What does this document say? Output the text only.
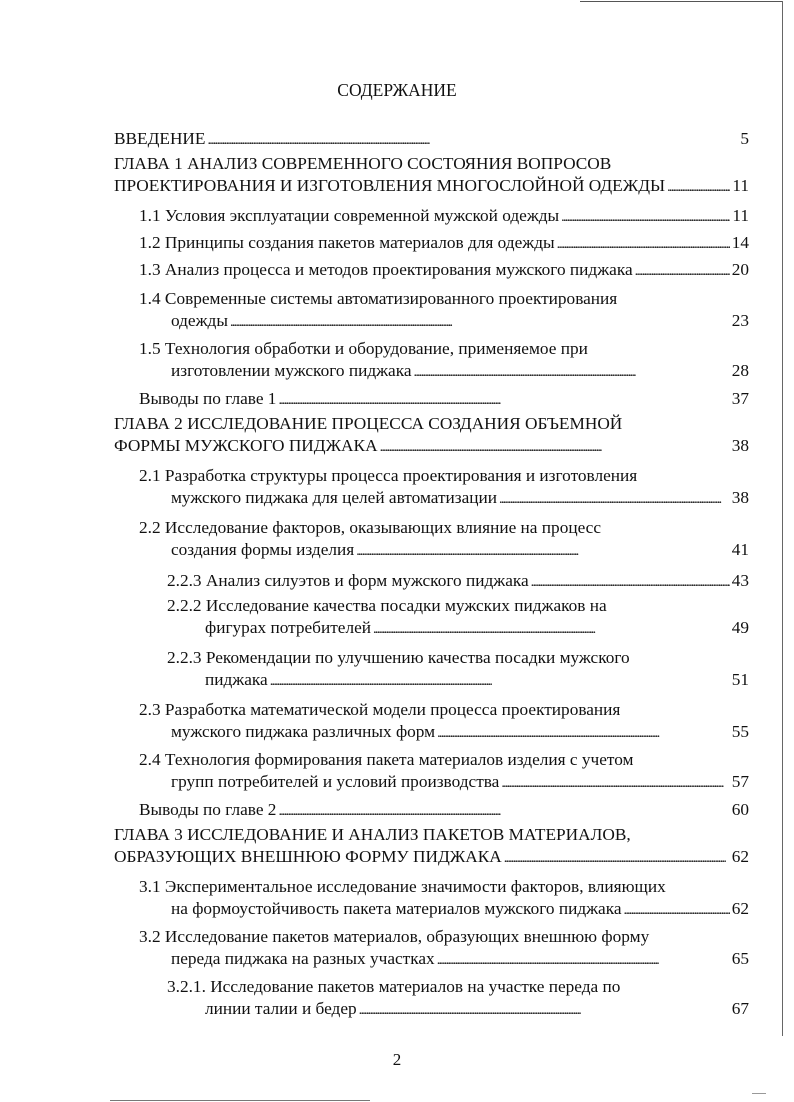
СОДЕРЖАНИЕ
ВВЕДЕНИЕ . . .	5
ГЛАВА 1 АНАЛИЗ СОВРЕМЕННОГО СОСТОЯНИЯ ВОПРОСОВ
ПРОЕКТИРОВАНИЯ И ИЗГОТОВЛЕНИЯ МНОГОСЛОЙНОЙ ОДЕЖДЫ . . .	11
1.1 Условия эксплуатации современной мужской одежды . . .	11
1.2 Принципы создания пакетов материалов для одежды . . .	14
1.3 Анализ процесса и методов проектирования мужского пиджака . . .	20
1.4 Современные системы автоматизированного проектирования
одежды . . .	23
1.5 Технология обработки и оборудование, применяемое при
изготовлении мужского пиджака . . .	28
Выводы по главе 1 . . .	37
ГЛАВА 2 ИССЛЕДОВАНИЕ ПРОЦЕССА СОЗДАНИЯ ОБЪЕМНОЙ
ФОРМЫ МУЖСКОГО ПИДЖАКА . . .	38
2.1 Разработка структуры процесса проектирования и изготовления
мужского пиджака для целей автоматизации . . .	38
2.2 Исследование факторов, оказывающих влияние на процесс
создания формы изделия . . .	41
2.2.3 Анализ силуэтов и форм мужского пиджака . . .	43
2.2.2 Исследование качества посадки мужских пиджаков на
фигурах потребителей . . .	49
2.2.3 Рекомендации по улучшению качества посадки мужского
пиджака . . .	51
2.3 Разработка математической модели процесса проектирования
мужского пиджака различных форм . . .	55
2.4 Технология формирования пакета материалов изделия с учетом
групп потребителей и условий производства . . .	57
Выводы по главе 2 . . .	60
ГЛАВА 3 ИССЛЕДОВАНИЕ И АНАЛИЗ ПАКЕТОВ МАТЕРИАЛОВ,
ОБРАЗУЮЩИХ ВНЕШНЮЮ ФОРМУ ПИДЖАКА . . .	62
3.1 Экспериментальное исследование значимости факторов, влияющих
на формоустойчивость пакета материалов мужского пиджака . . .	62
3.2 Исследование пакетов материалов, образующих внешнюю форму
переда пиджака на разных участках . . .	65
3.2.1. Исследование пакетов материалов на участке переда по
линии талии и бедер . . .	67
2
